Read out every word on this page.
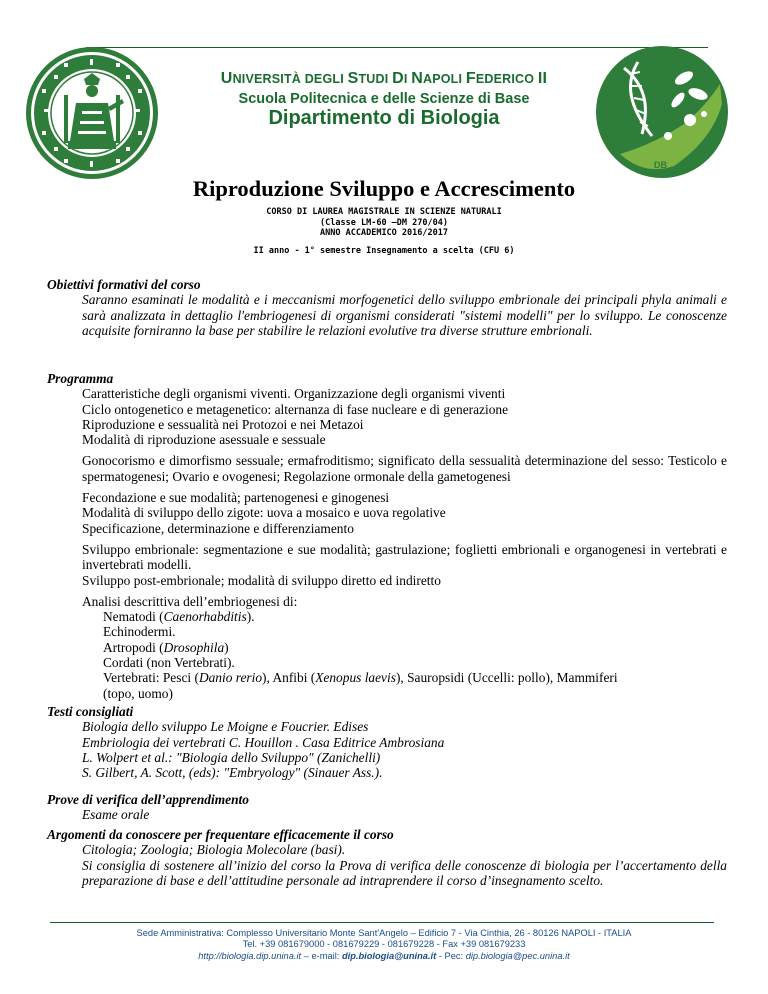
DB
UNIVERSITÀ DEGLI STUDI DI NAPOLI FEDERICO II
Scuola Politecnica e delle Scienze di Base
Dipartimento di Biologia
Riproduzione Sviluppo e Accrescimento
CORSO DI LAUREA MAGISTRALE IN SCIENZE NATURALI
(Classe LM-60 –DM 270/04)
ANNO ACCADEMICO 2016/2017
II anno - 1° semestre Insegnamento a scelta (CFU 6)
Obiettivi formativi del corso
Saranno esaminati le modalità e i meccanismi morfogenetici dello sviluppo embrionale dei principali phyla animali e sarà analizzata in dettaglio l'embriogenesi di organismi considerati "sistemi modelli" per lo sviluppo. Le conoscenze acquisite forniranno la base per stabilire le relazioni evolutive tra diverse strutture embrionali.
Programma
Caratteristiche degli organismi viventi. Organizzazione degli organismi viventi
Ciclo ontogenetico e metagenetico: alternanza di fase nucleare e di generazione
Riproduzione e sessualità nei Protozoi e nei Metazoi
Modalità di riproduzione asessuale e sessuale
Gonocorismo e dimorfismo sessuale; ermafroditismo; significato della sessualità determinazione del sesso: Testicolo e spermatogenesi; Ovario e ovogenesi; Regolazione ormonale della gametogenesi
Fecondazione e sue modalità; partenogenesi e ginogenesi
Modalità di sviluppo dello zigote: uova a mosaico e uova regolative
Specificazione, determinazione e differenziamento
Sviluppo embrionale: segmentazione e sue modalità; gastrulazione; foglietti embrionali e organogenesi in vertebrati e invertebrati modelli.
Sviluppo post-embrionale; modalità di sviluppo diretto ed indiretto
Analisi descrittiva dell’embriogenesi di:
Nematodi (Caenorhabditis).
Echinodermi.
Artropodi (Drosophila)
Cordati (non Vertebrati).
Vertebrati: Pesci (Danio rerio), Anfibi (Xenopus laevis), Sauropsidi (Uccelli: pollo), Mammiferi
(topo, uomo)
Testi consigliati
Biologia dello sviluppo Le Moigne e Foucrier. Edises
Embriologia dei vertebrati C. Houillon . Casa Editrice Ambrosiana
L. Wolpert et al.: "Biologia dello Sviluppo" (Zanichelli)
S. Gilbert, A. Scott, (eds): "Embryology" (Sinauer Ass.).
Prove di verifica dell’apprendimento
Esame orale
Argomenti da conoscere per frequentare efficacemente il corso
Citologia; Zoologia; Biologia Molecolare (basi).
Si consiglia di sostenere all’inizio del corso la Prova di verifica delle conoscenze di biologia per l’accertamento della preparazione di base e dell’attitudine personale ad intraprendere il corso d’insegnamento scelto.
Sede Amministrativa: Complesso Universitario Monte Sant'Angelo – Edificio 7 - Via Cinthia, 26 - 80126 NAPOLI - ITALIA
Tel. +39 081679000 - 081679229 - 081679228 - Fax +39 081679233
http://biologia.dip.unina.it – e-mail: dip.biologia@unina.it - Pec: dip.biologia@pec.unina.it
